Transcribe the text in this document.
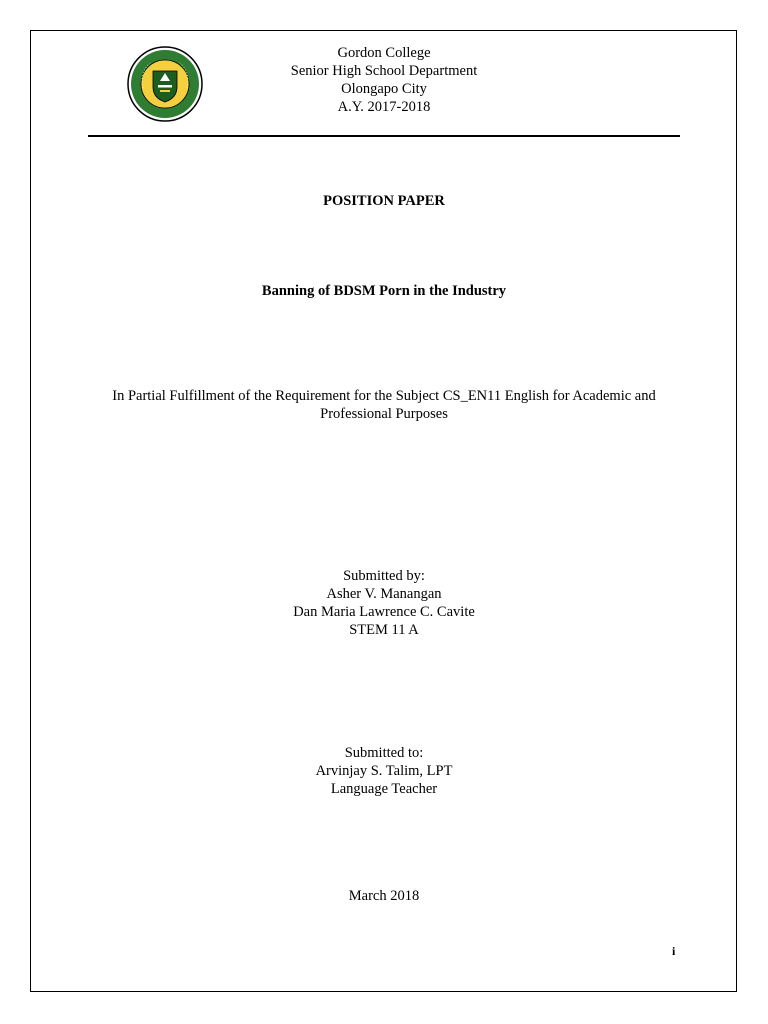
Gordon College
Senior High School Department
Olongapo City
A.Y. 2017-2018
POSITION PAPER
Banning of BDSM Porn in the Industry
In Partial Fulfillment of the Requirement for the Subject CS_EN11 English for Academic and
Professional Purposes
Submitted by:
Asher V. Manangan
Dan Maria Lawrence C. Cavite
STEM 11 A
Submitted to:
Arvinjay S. Talim, LPT
Language Teacher
March 2018
i
